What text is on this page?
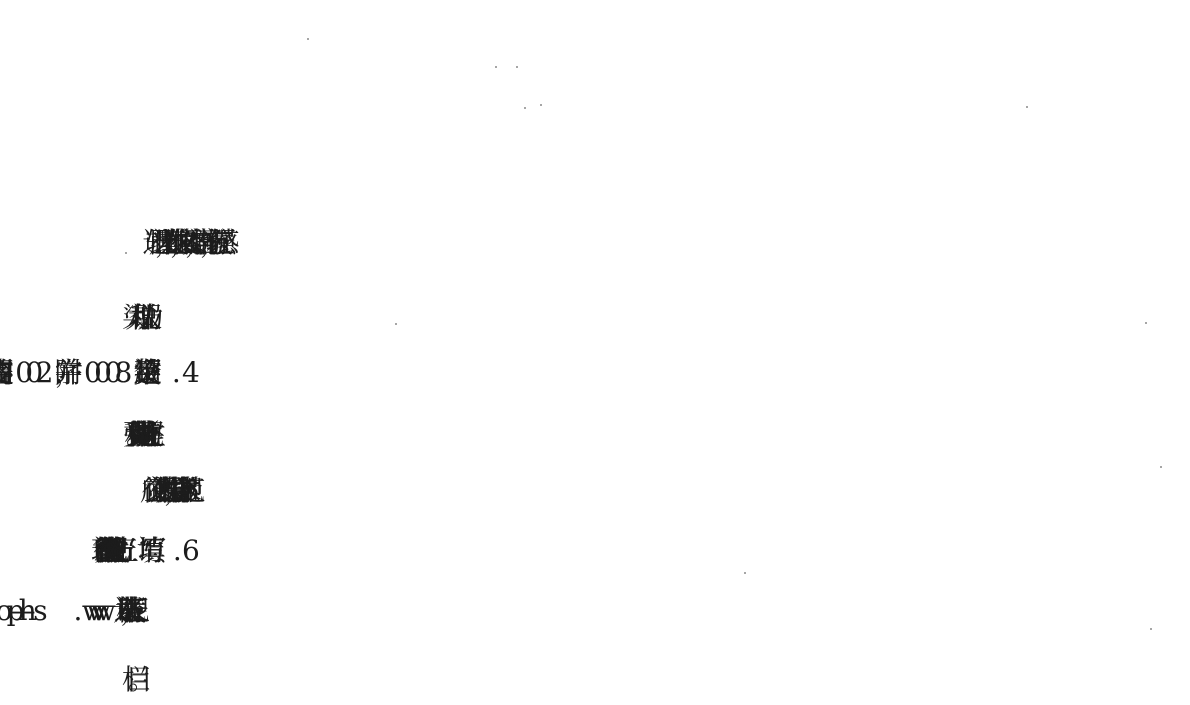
3. 逻辑严谨，表述准确，文风朴实，语言流畅，有较强感
染力和说服力。
引文和史料要注明出处（统一为文尾注）。
栏目。
